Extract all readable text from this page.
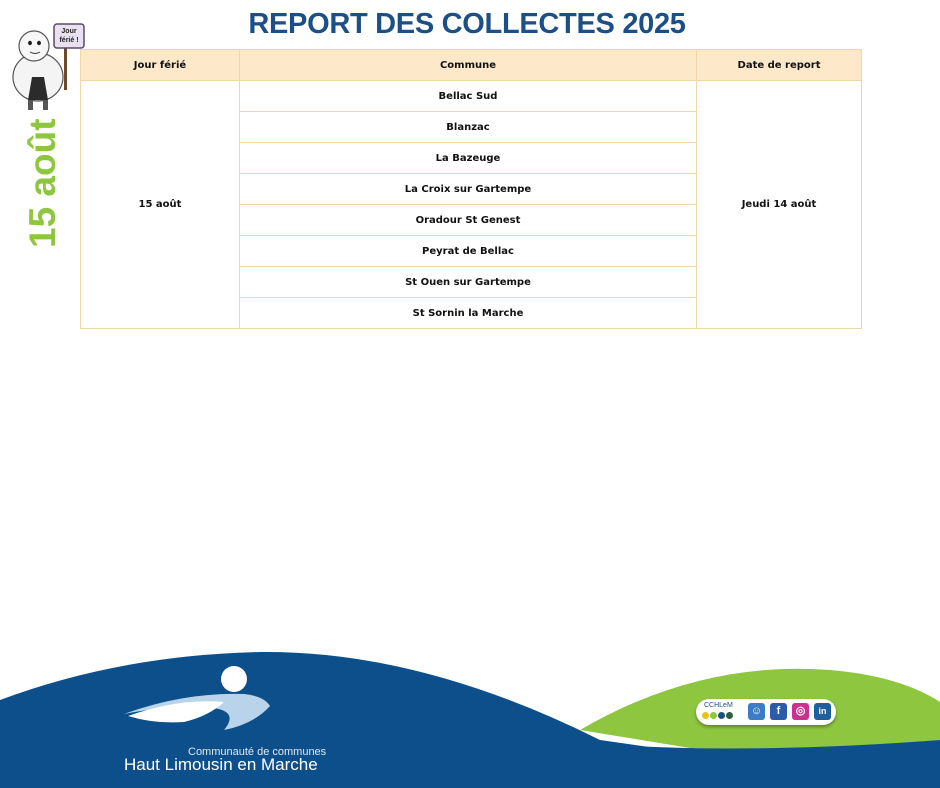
REPORT DES COLLECTES 2025
Jour
férié !
15 août
Jour férié	Commune	Date de report
15 août	Bellac Sud	Jeudi 14 août
	Blanzac	
	La Bazeuge	
	La Croix sur Gartempe	
	Oradour St Genest	
	Peyrat de Bellac	
	St Ouen sur Gartempe	
	St Sornin la Marche	
Communauté de communes
Haut Limousin en Marche
CCHLeM ☺	f	◎	in
